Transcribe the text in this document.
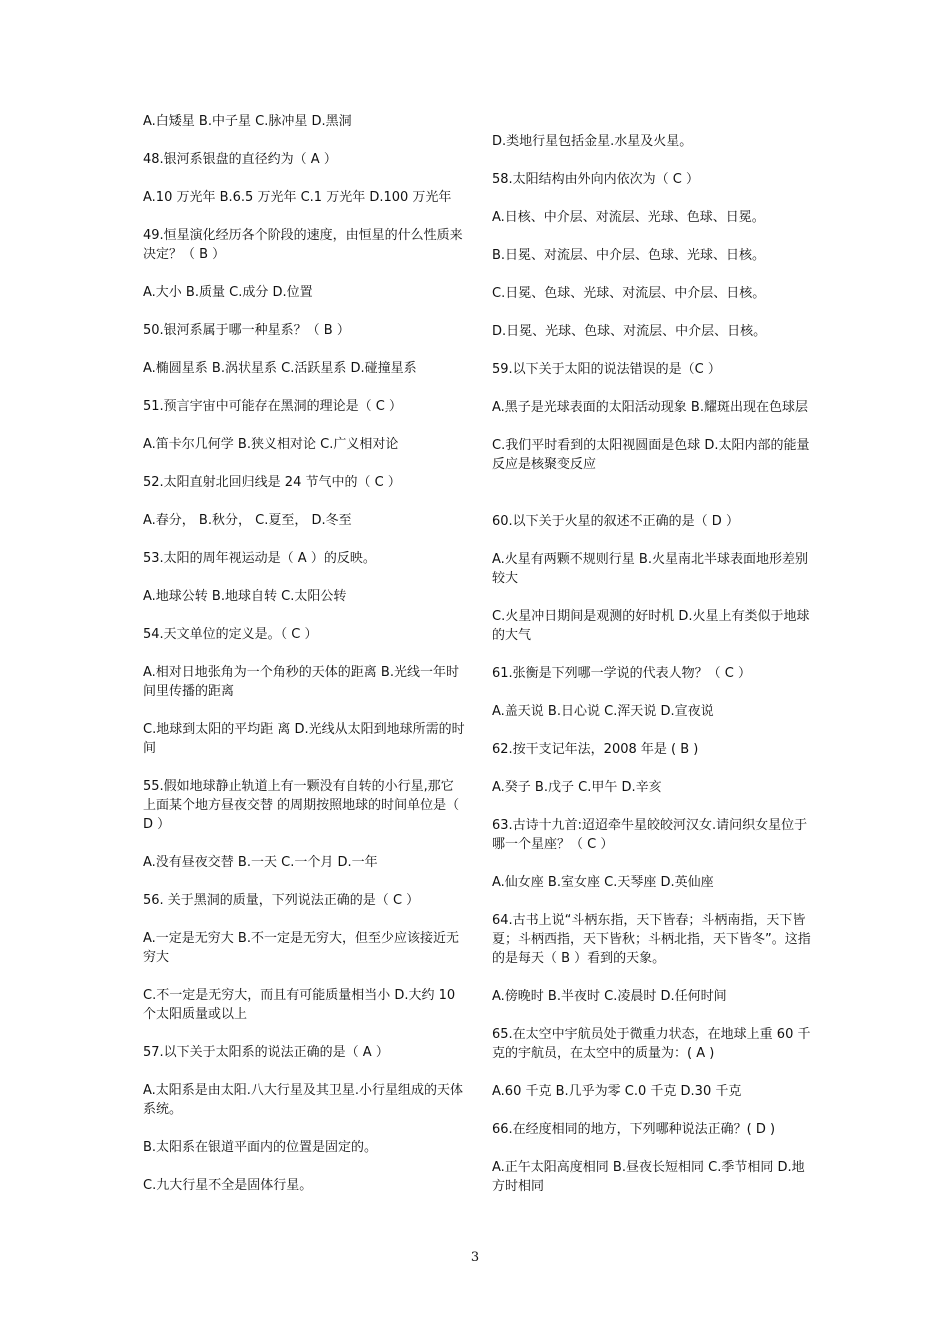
A.白矮星 B.中子星 C.脉冲星 D.黑洞

48.银河系银盘的直径约为（ A ）

A.10 万光年 B.6.5 万光年 C.1 万光年 D.100 万光年

49.恒星演化经历各个阶段的速度，由恒星的什么性质来决定？（ B ）

A.大小 B.质量 C.成分 D.位置

50.银河系属于哪一种星系？（ B ）

A.椭圆星系 B.涡状星系 C.活跃星系 D.碰撞星系

51.预言宇宙中可能存在黑洞的理论是（ C ）

A.笛卡尔几何学 B.狭义相对论 C.广义相对论

52.太阳直射北回归线是 24 节气中的（ C ）

A.春分， B.秋分， C.夏至， D.冬至

53.太阳的周年视运动是（ A ）的反映。

A.地球公转 B.地球自转 C.太阳公转

54.天文单位的定义是。（ C ）

A.相对日地张角为一个角秒的天体的距离 B.光线一年时间里传播的距离

C.地球到太阳的平均距 离 D.光线从太阳到地球所需的时间

55.假如地球静止轨道上有一颗没有自转的小行星,那它上面某个地方昼夜交替 的周期按照地球的时间单位是（ D ）

A.没有昼夜交替 B.一天 C.一个月 D.一年

56. 关于黑洞的质量，下列说法正确的是（ C ）

A.一定是无穷大 B.不一定是无穷大，但至少应该接近无穷大

C.不一定是无穷大，而且有可能质量相当小 D.大约 10 个太阳质量或以上

57.以下关于太阳系的说法正确的是（ A ）

A.太阳系是由太阳.八大行星及其卫星.小行星组成的天体系统。

B.太阳系在银道平面内的位置是固定的。

C.九大行星不全是固体行星。

D.类地行星包括金星.水星及火星。

58.太阳结构由外向内依次为（ C ）

A.日核、中介层、对流层、光球、色球、日冕。

B.日冕、对流层、中介层、色球、光球、日核。

C.日冕、色球、光球、对流层、中介层、日核。

D.日冕、光球、色球、对流层、中介层、日核。

59.以下关于太阳的说法错误的是（C ）

A.黑子是光球表面的太阳活动现象 B.耀斑出现在色球层

C.我们平时看到的太阳视圆面是色球 D.太阳内部的能量反应是核聚变反应

60.以下关于火星的叙述不正确的是（ D ）

A.火星有两颗不规则行星 B.火星南北半球表面地形差别较大

C.火星冲日期间是观测的好时机 D.火星上有类似于地球的大气

61.张衡是下列哪一学说的代表人物？（ C ）

A.盖天说 B.日心说 C.浑天说 D.宣夜说

62.按干支记年法，2008 年是 ( B )

A.癸子 B.戊子 C.甲午 D.辛亥

63.古诗十九首:迢迢牵牛星皎皎河汉女.请问织女星位于哪一个星座？（ C ）

A.仙女座 B.室女座 C.天琴座 D.英仙座

64.古书上说“斗柄东指，天下皆春；斗柄南指，天下皆夏；斗柄西指，天下皆秋；斗柄北指，天下皆冬”。这指的是每天（ B ）看到的天象。

A.傍晚时 B.半夜时 C.凌晨时 D.任何时间

65.在太空中宇航员处于微重力状态，在地球上重 60 千克的宇航员，在太空中的质量为：( A )

A.60 千克 B.几乎为零 C.0 千克 D.30 千克

66.在经度相同的地方，下列哪种说法正确？( D )

A.正午太阳高度相同 B.昼夜长短相同 C.季节相同 D.地方时相同

3
